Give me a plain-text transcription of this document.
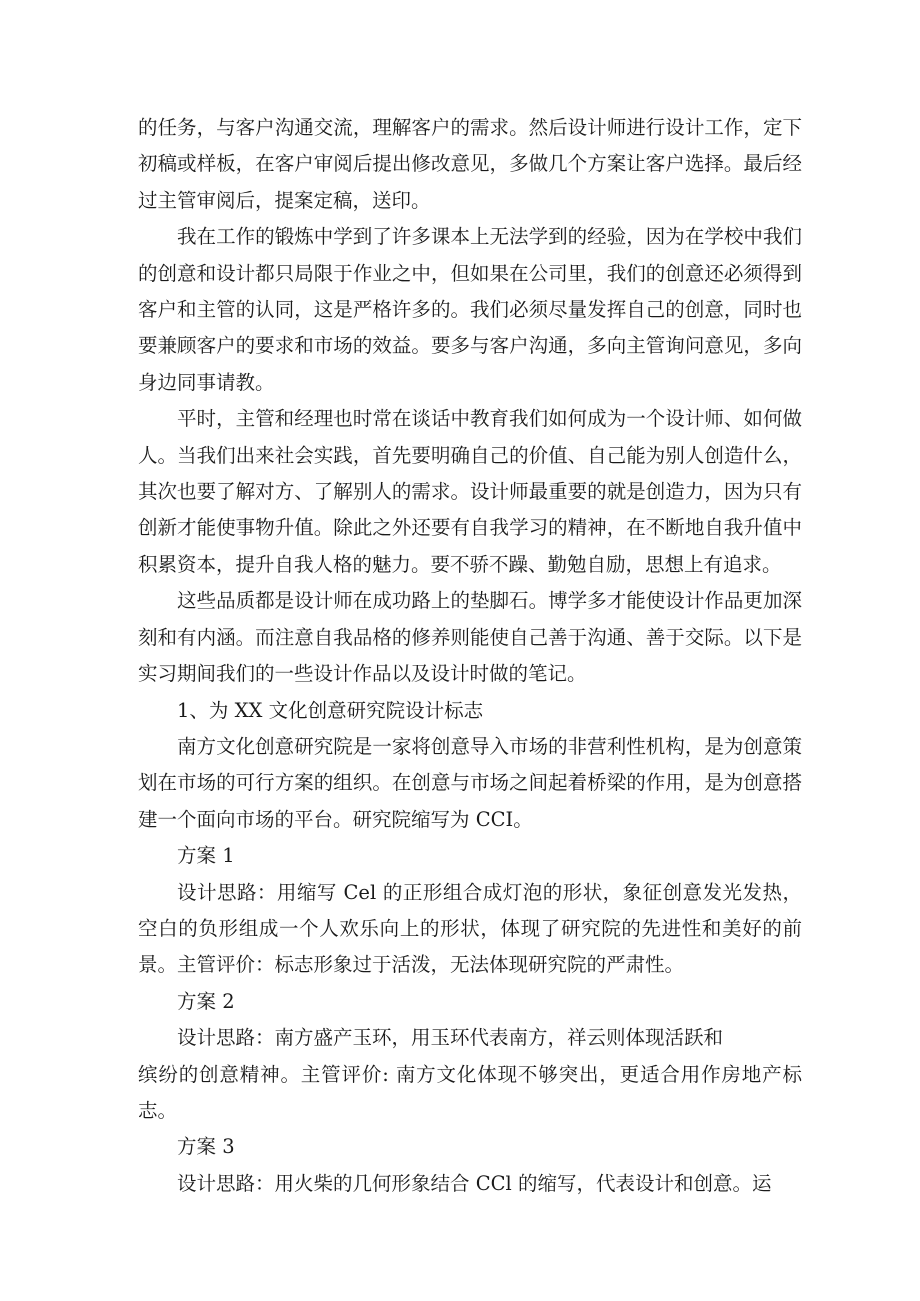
的任务，与客户沟通交流，理解客户的需求。然后设计师进行设计工作，定下初稿或样板，在客户审阅后提出修改意见，多做几个方案让客户选择。最后经过主管审阅后，提案定稿，送印。

我在工作的锻炼中学到了许多课本上无法学到的经验，因为在学校中我们的创意和设计都只局限于作业之中，但如果在公司里，我们的创意还必须得到客户和主管的认同，这是严格许多的。我们必须尽量发挥自己的创意，同时也要兼顾客户的要求和市场的效益。要多与客户沟通，多向主管询问意见，多向身边同事请教。

平时，主管和经理也时常在谈话中教育我们如何成为一个设计师、如何做人。当我们出来社会实践，首先要明确自己的价值、自己能为别人创造什么，其次也要了解对方、了解别人的需求。设计师最重要的就是创造力，因为只有创新才能使事物升值。除此之外还要有自我学习的精神，在不断地自我升值中积累资本，提升自我人格的魅力。要不骄不躁、勤勉自励，思想上有追求。

这些品质都是设计师在成功路上的垫脚石。博学多才能使设计作品更加深刻和有内涵。而注意自我品格的修养则能使自己善于沟通、善于交际。以下是实习期间我们的一些设计作品以及设计时做的笔记。

1、为 XX 文化创意研究院设计标志

南方文化创意研究院是一家将创意导入市场的非营利性机构，是为创意策划在市场的可行方案的组织。在创意与市场之间起着桥梁的作用，是为创意搭建一个面向市场的平台。研究院缩写为 CCI。

方案 1

设计思路：用缩写 Cel 的正形组合成灯泡的形状，象征创意发光发热，空白的负形组成一个人欢乐向上的形状，体现了研究院的先进性和美好的前景。主管评价：标志形象过于活泼，无法体现研究院的严肃性。

方案 2

设计思路：南方盛产玉环，用玉环代表南方，祥云则体现活跃和

缤纷的创意精神。主管评价: 南方文化体现不够突出，更适合用作房地产标志。

方案 3

设计思路：用火柴的几何形象结合 CCl 的缩写，代表设计和创意。运
